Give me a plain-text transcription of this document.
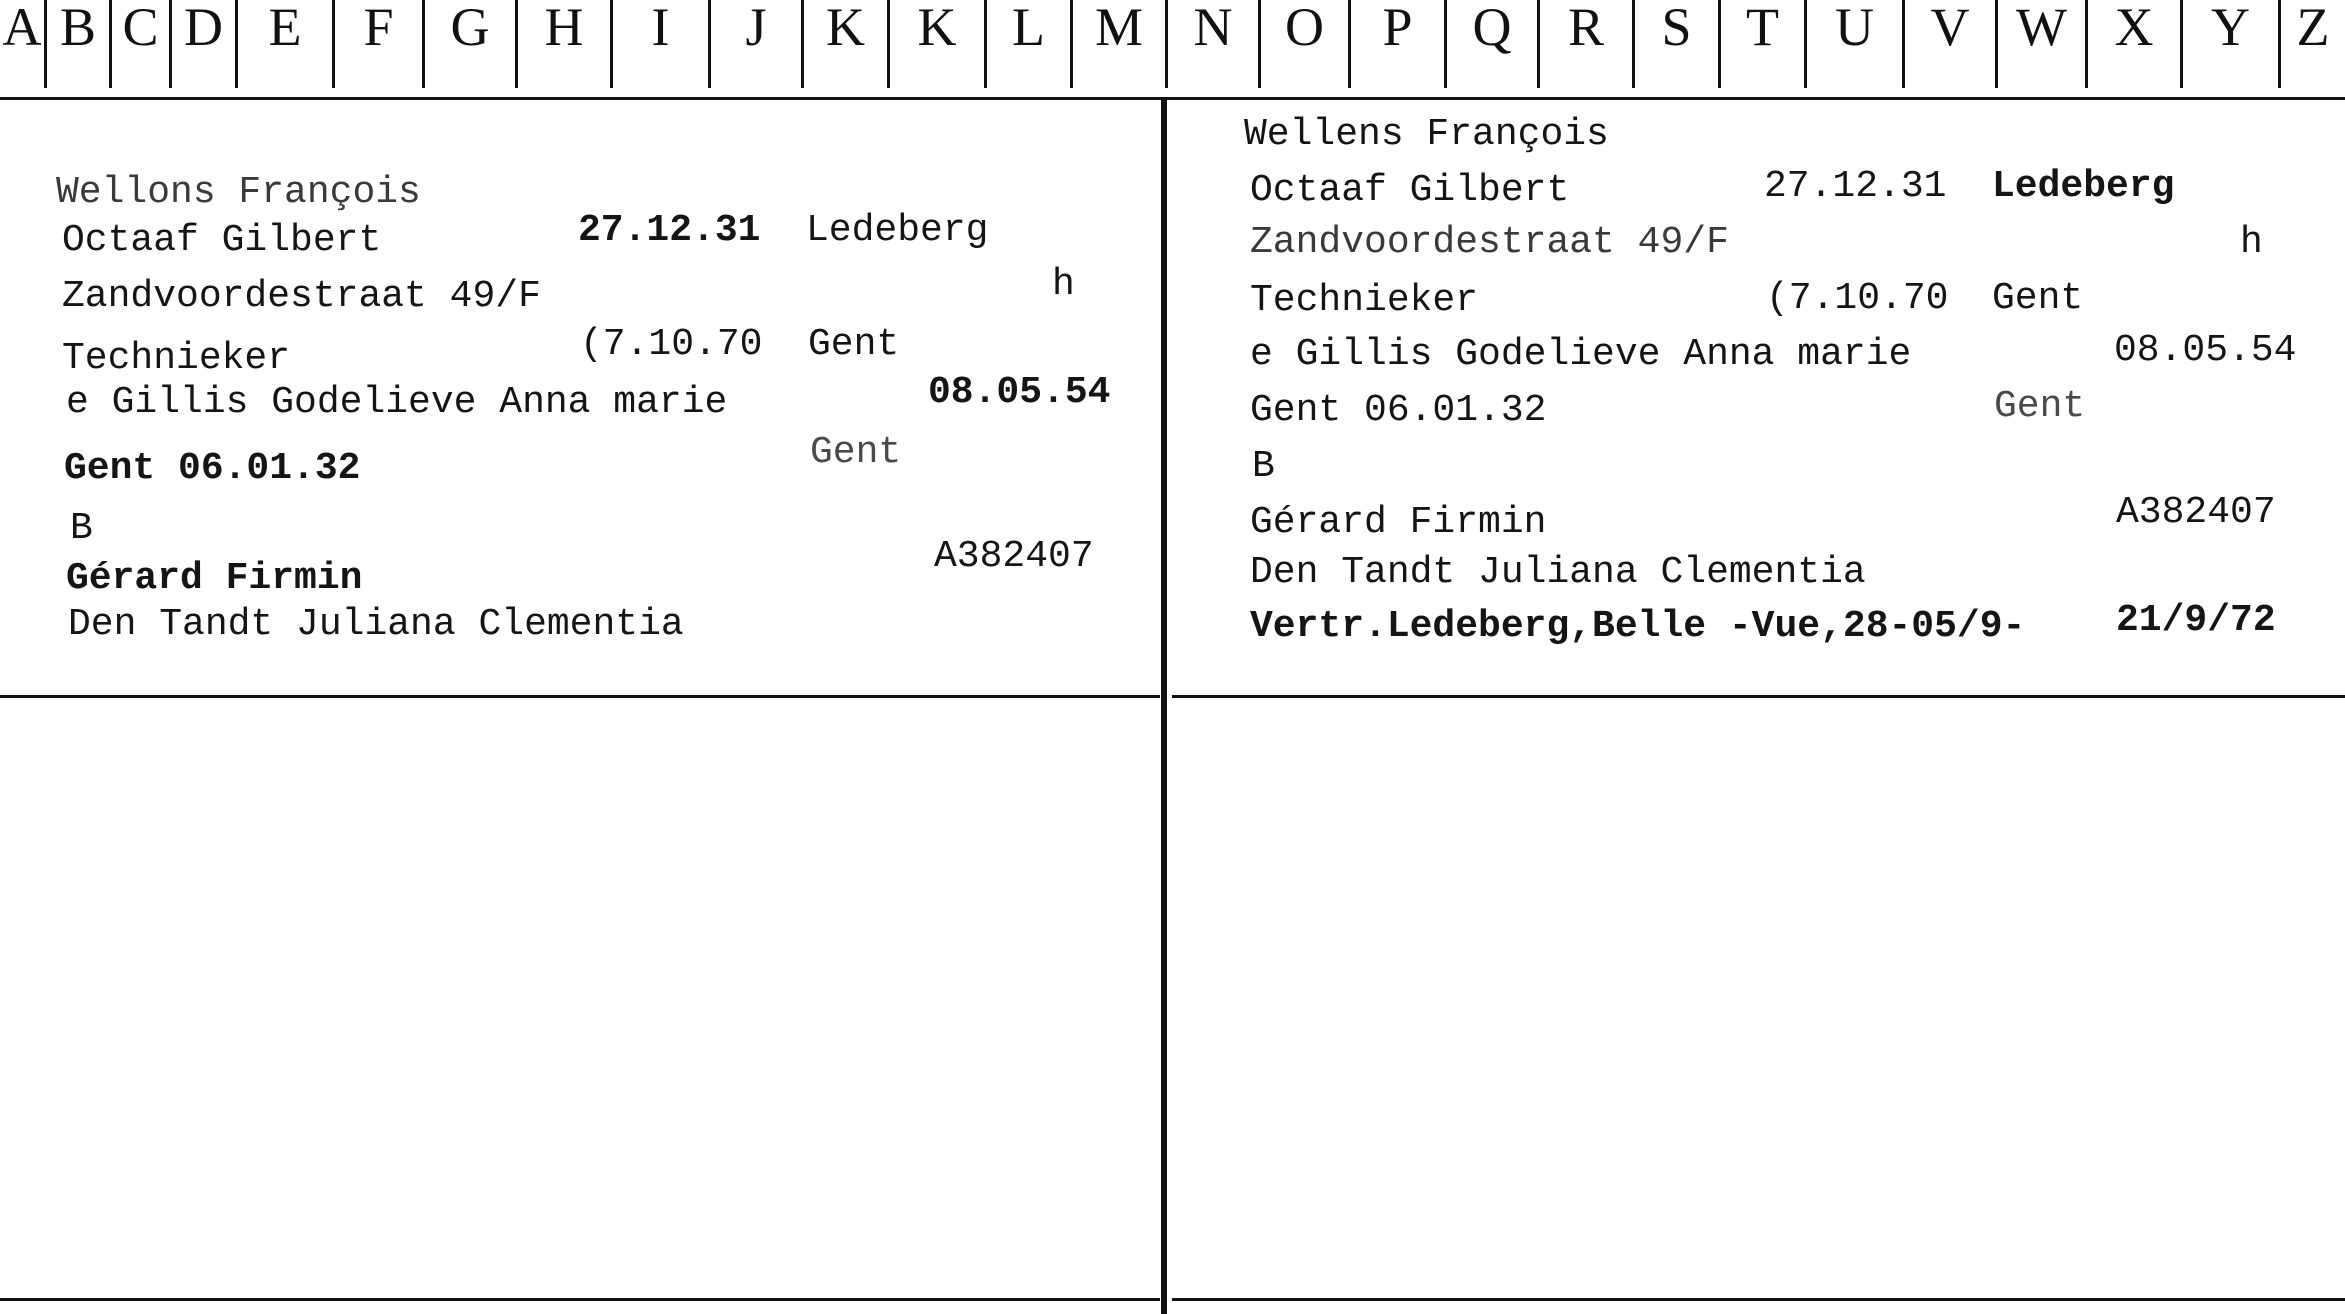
A B C D E	F	G	H	I	J	K K	L M N O	P	Q	R	S	T	U	V W X	Y Z
Wellons François
Octaaf Gilbert	27.12.31 Ledeberg
Zandvoordestraat 49/F	h
Technieker	(7.10.70 Gent
e Gillis Godelieve Anna marie	08.05.54
Gent 06.01.32	Gent
B
Gérard Firmin
A382407
Den Tandt Juliana Clementia
Wellens François
Octaaf Gilbert	27.12.31 Ledeberg
Zandvoordestraat 49/F	h
Technieker	(7.10.70 Gent
e Gillis Godelieve Anna marie	08.05.54
Gent 06.01.32	Gent
B
Gérard Firmin	A382407
Den Tandt Juliana Clementia
Vertr.Ledeberg,Belle -Vue,28-05/9- 21/9/72
